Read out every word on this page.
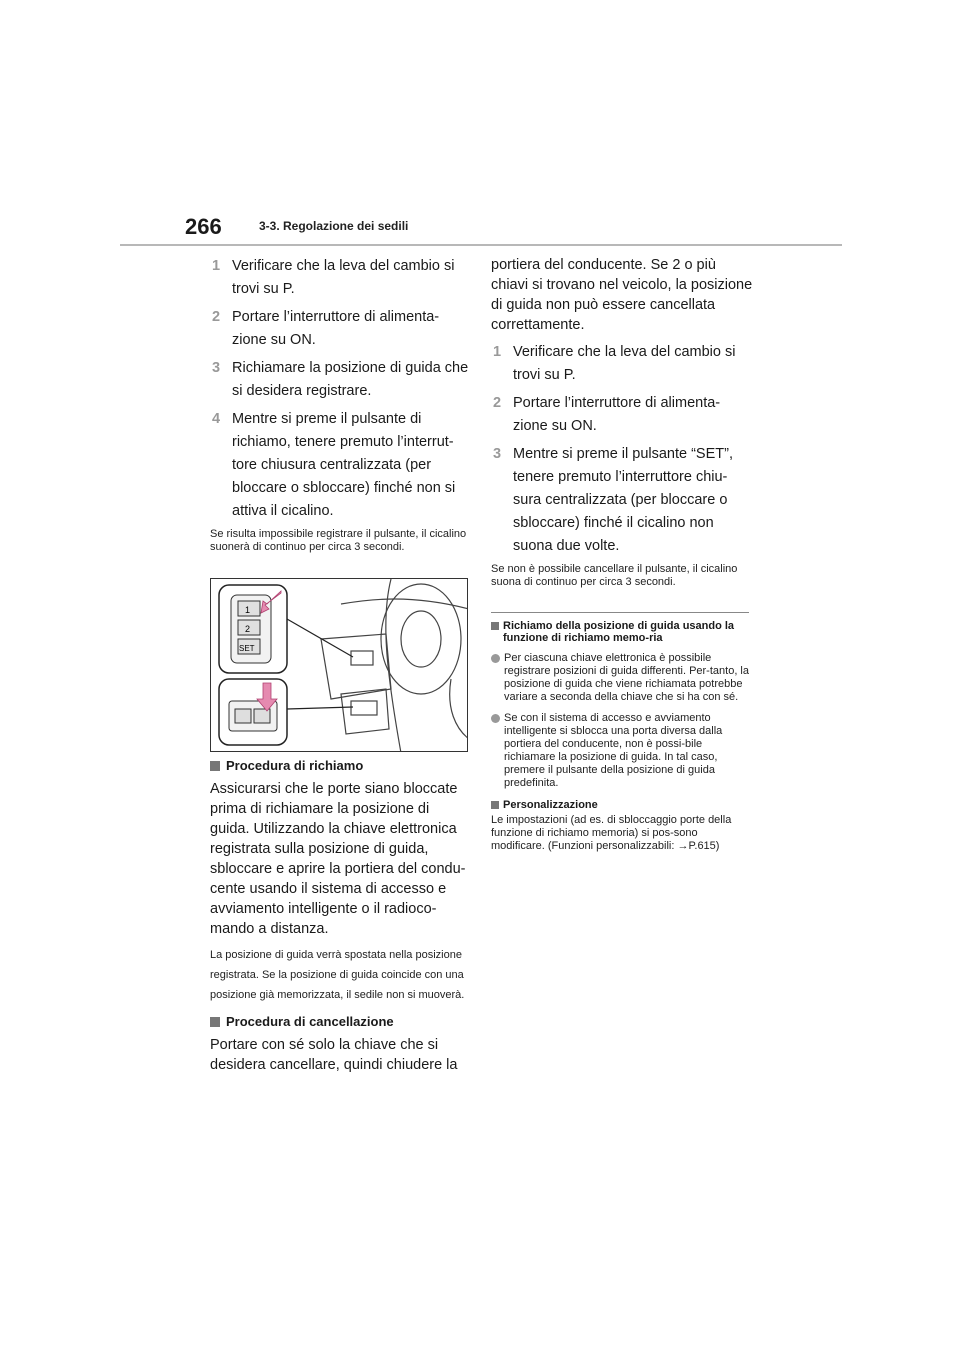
266	3-3. Regolazione dei sedili
1 Verificare che la leva del cambio si trovi su P.
2 Portare l’interruttore di alimenta-zione su ON.
3 Richiamare la posizione di guida che si desidera registrare.
4 Mentre si preme il pulsante di richiamo, tenere premuto l’interrut-tore chiusura centralizzata (per bloccare o sbloccare) finché non si attiva il cicalino.
Se risulta impossibile registrare il pulsante, il cicalino suonerà di continuo per circa 3 secondi.
1
2
SET
Procedura di richiamo
Assicurarsi che le porte siano bloccate prima di richiamare la posizione di guida. Utilizzando la chiave elettronica registrata sulla posizione di guida, sbloccare e aprire la portiera del condu-cente usando il sistema di accesso e avviamento intelligente o il radioco-mando a distanza.
La posizione di guida verrà spostata nella posizione registrata. Se la posizione di guida coincide con una posizione già memorizzata, il sedile non si muoverà.
Procedura di cancellazione
Portare con sé solo la chiave che si desidera cancellare, quindi chiudere la
portiera del conducente. Se 2 o più chiavi si trovano nel veicolo, la posizione di guida non può essere cancellata correttamente.
1 Verificare che la leva del cambio si trovi su P.
2 Portare l’interruttore di alimenta-zione su ON.
3 Mentre si preme il pulsante “SET”, tenere premuto l’interruttore chiu-sura centralizzata (per bloccare o sbloccare) finché il cicalino non suona due volte.
Se non è possibile cancellare il pulsante, il cicalino suona di continuo per circa 3 secondi.
Richiamo della posizione di guida usando la funzione di richiamo memo-ria
Per ciascuna chiave elettronica è possibile registrare posizioni di guida differenti. Per-tanto, la posizione di guida che viene richiamata potrebbe variare a seconda della chiave che si ha con sé.
Se con il sistema di accesso e avviamento intelligente si sblocca una porta diversa dalla portiera del conducente, non è possi-bile richiamare la posizione di guida. In tal caso, premere il pulsante della posizione di guida predefinita.
Personalizzazione
Le impostazioni (ad es. di sbloccaggio porte della funzione di richiamo memoria) si pos-sono modificare. (Funzioni personalizzabili: →P.615)
